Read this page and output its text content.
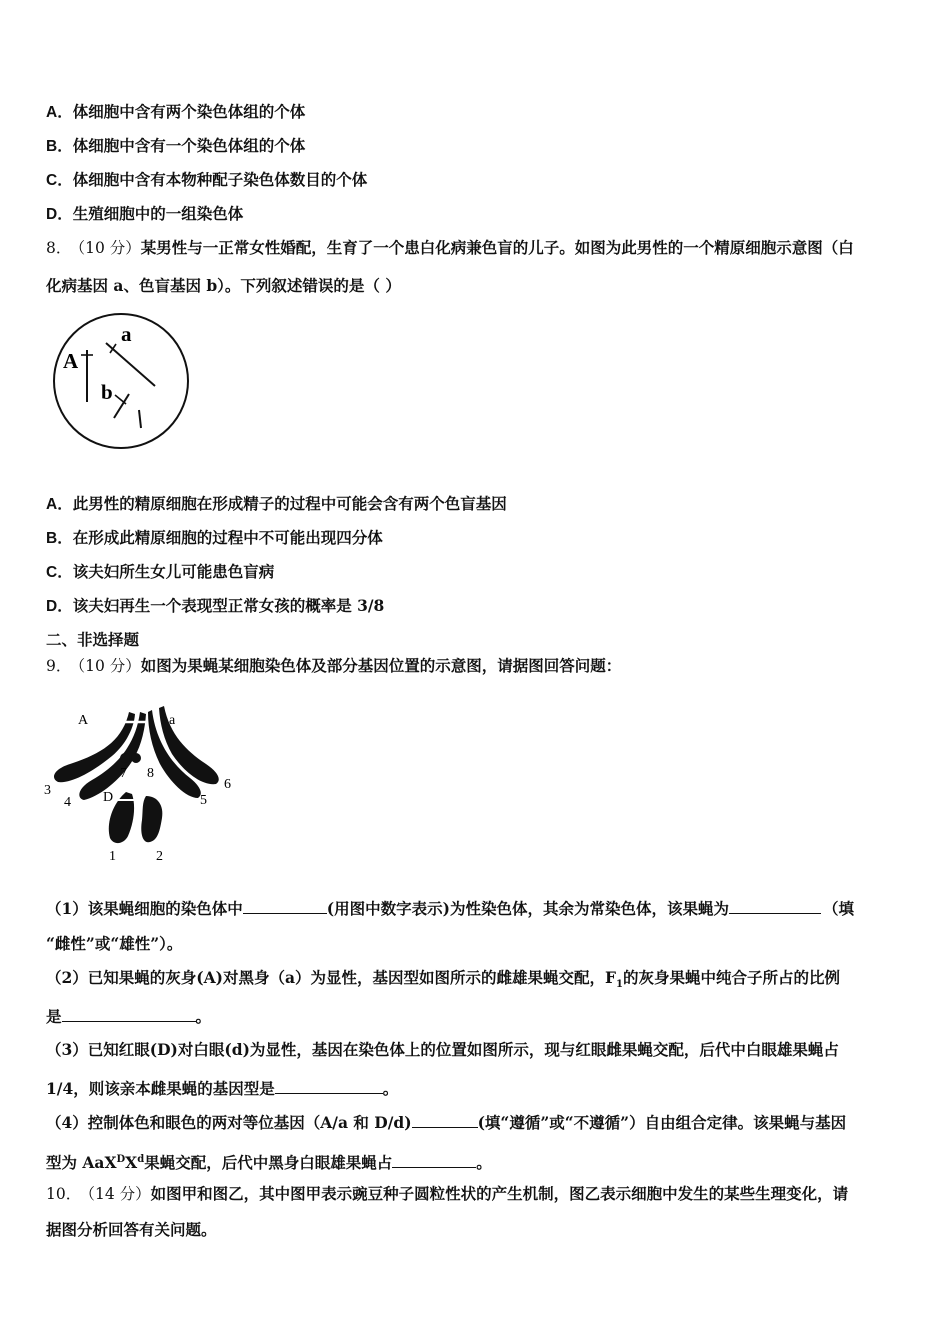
A．体细胞中含有两个染色体组的个体
B．体细胞中含有一个染色体组的个体
C．体细胞中含有本物种配子染色体数目的个体
D．生殖细胞中的一组染色体
8． （10 分）某男性与一正常女性婚配，生育了一个患白化病兼色盲的儿子。如图为此男性的一个精原细胞示意图（白
化病基因 a、色盲基因 b）。下列叙述错误的是（ ）
A
a
b
A．此男性的精原细胞在形成精子的过程中可能会含有两个色盲基因
B．在形成此精原细胞的过程中不可能出现四分体
C．该夫妇所生女儿可能患色盲病
D．该夫妇再生一个表现型正常女孩的概率是 3/8
二、非选择题
9． （10 分）如图为果蝇某细胞染色体及部分基因位置的示意图，请据图回答问题：
A	a
7 8
3
4 D	5
6
1	2
（1）该果蝇细胞的染色体中	(用图中数字表示)为性染色体，其余为常染色体，该果蝇为	（填
“雌性”或“雄性”）。
（2）已知果蝇的灰身(A)对黑身（a）为显性，基因型如图所示的雌雄果蝇交配，$F_1$的灰身果蝇中纯合子所占的比例
是	。
（3）已知红眼(D)对白眼(d)为显性，基因在染色体上的位置如图所示，现与红眼雌果蝇交配，后代中白眼雄果蝇占
1/4，则该亲本雌果蝇的基因型是	。
（4）控制体色和眼色的两对等位基因（A/a 和 D/d)	(填“遵循”或“不遵循”）自由组合定律。该果蝇与基因
型为 $AaX^DX^d$果蝇交配，后代中黑身白眼雄果蝇占	。
10． （14 分）如图甲和图乙，其中图甲表示豌豆种子圆粒性状的产生机制，图乙表示细胞中发生的某些生理变化，请
据图分析回答有关问题。
